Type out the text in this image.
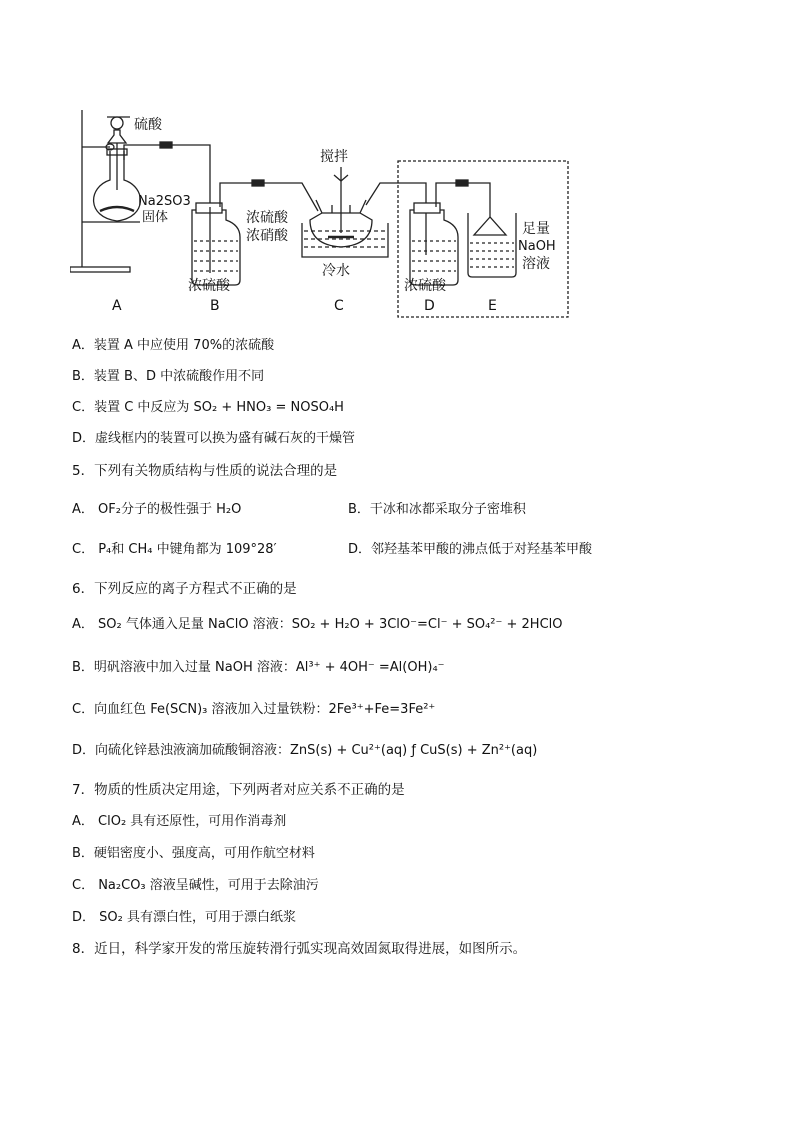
硫酸
Na2SO3
固体
搅拌
浓硫酸
浓硝酸
冷水
足量
NaOH
溶液
浓硫酸	浓硫酸
A	B	C	D	E
A．装置 A 中应使用 70%的浓硫酸
B．装置 B、D 中浓硫酸作用不同
C．装置 C 中反应为 SO₂ + HNO₃ = NOSO₄H
D．虚线框内的装置可以换为盛有碱石灰的干燥管
5．下列有关物质结构与性质的说法合理的是
A． OF₂分子的极性强于 H₂O	B．干冰和冰都采取分子密堆积
C． P₄和 CH₄ 中键角都为 109°28′	D．邻羟基苯甲酸的沸点低于对羟基苯甲酸
6．下列反应的离子方程式不正确的是
A． SO₂ 气体通入足量 NaClO 溶液：SO₂ + H₂O + 3ClO⁻=Cl⁻ + SO₄²⁻ + 2HClO
B．明矾溶液中加入过量 NaOH 溶液：Al³⁺ + 4OH⁻ =Al(OH)₄⁻
C．向血红色 Fe(SCN)₃ 溶液加入过量铁粉：2Fe³⁺+Fe=3Fe²⁺
D．向硫化锌悬浊液滴加硫酸铜溶液：ZnS(s) + Cu²⁺(aq) ƒ CuS(s) + Zn²⁺(aq)
7．物质的性质决定用途，下列两者对应关系不正确的是
A． ClO₂ 具有还原性，可用作消毒剂
B．硬铝密度小、强度高，可用作航空材料
C． Na₂CO₃ 溶液呈碱性，可用于去除油污
D． SO₂ 具有漂白性，可用于漂白纸浆
8．近日，科学家开发的常压旋转滑行弧实现高效固氮取得进展，如图所示。
